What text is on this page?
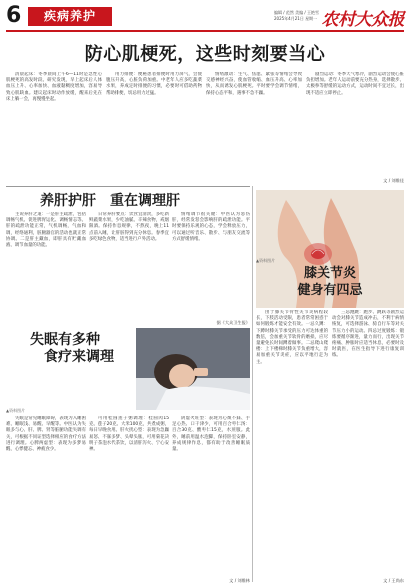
6	疾病养护	编辑 / 范然 美编 / 王艳雪
2025年4月21日 星期一 农村大众报
防心肌梗死，这些时刻要当心

清晨起床：冬季晨间上午6—11时是急性心肌梗死的高发时段。研究发现，早上起床后人体血压上升、心率加快、血液黏稠度增加，容易导致心肌缺血。建议起床时动作放缓，醒来后先在床上躺一会，再慢慢坐起。

用力排便：便秘患者排便时用力屏气，会使腹压升高，心脏负荷加重。中老年人应多吃蔬菜水果，养成定时排便的习惯，必要时可借助药物帮助排便，切忌用力过猛。

情绪激动：生气、焦虑、紧张等情绪会导致交感神经兴奋，使血管收缩、血压升高、心率加快，从而诱发心肌梗死。平时要学会调节情绪，保持心态平和，遇事不急不躁。

剧烈运动：冬季天气寒冷，剧烈运动会使心脏负担增加。老年人运动前要充分热身，选择散步、太极拳等舒缓的运动方式，运动时间不宜过长，出现不适应立即停止。

文 / 刘维佳
养肝护肝　重在调理肝

主说养肝之道：一是肝主疏泄，包括调畅气机、促进脾胃运化、调畅情志等。肝的疏泄功能正常，气机调畅，气血和调，经络通利，脏腑器官的活动也就正常协调。二是肝主藏血，即肝具有贮藏血液、调节血量的功能。

日常养肝要点：饮食宜清淡，多吃新鲜蔬菜水果，少吃油腻、辛辣食物，戒烟限酒。保持作息规律，不熬夜，晚上11点前入睡，让肝脏得到充分休息。春季宜多吃绿色食物，适当进行户外活动。

情绪调节很关键：中医认为怒伤肝，经常发怒会影响肝的疏泄功能。平时要保持乐观的心态，学会释放压力，可以通过听音乐、散步、与朋友交流等方式舒缓情绪。

据《大众卫生报》
▲资料图片
膝关节炎
健身有四忌

由于膝关节骨性关节炎病程较长，下肢活动受限，患者常常困惑于如何锻炼才能安全有效。一忌久蹲：下蹲时膝关节承受的压力可达体重的数倍，会加重关节软骨的磨损，应尽量避免长时间蹲着做事。二忌爬山爬楼：上下楼梯时膝关节负重增大，容易加重关节炎症，应以平地行走为主。

三忌跑跳：跑步、跳跃等剧烈运动会对膝关节造成冲击，不利于病情恢复，可选择游泳、骑自行车等对关节压力小的运动。四忌过度锻炼：锻炼要循序渐进，量力而行，出现关节疼痛、肿胀时应适当休息，必要时及时就医，在医生指导下进行康复训练。

文 / 王尚东
失眠有多种
食疗来调理
▲资料图片

失眠是常见睡眠障碍，表现为入睡困难、睡眠浅、易醒、早醒等。中医认为失眠多与心、肝、脾、肾等脏腑功能失调有关，可根据不同证型选择相应的食疗方法进行调理。心脾两虚型：表现为多梦易醒、心悸健忘、神疲食少。

可用桂圆莲子粥调理：桂圆肉15克、莲子20克、大米100克，共煮成粥，每日早晚食用。肝火扰心型：表现为急躁易怒、不寐多梦、头晕头胀，可用菊花决明子茶泡水代茶饮，以清肝泻火、宁心安神。

阴虚火旺型：表现为心烦不寐、手足心热、口干津少，可用百合枣仁汤：百合30克、酸枣仁15克，水煎服。此外，睡前用温水泡脚，保持卧室安静，养成规律作息，都有助于改善睡眠质量。

文 / 刘维林
